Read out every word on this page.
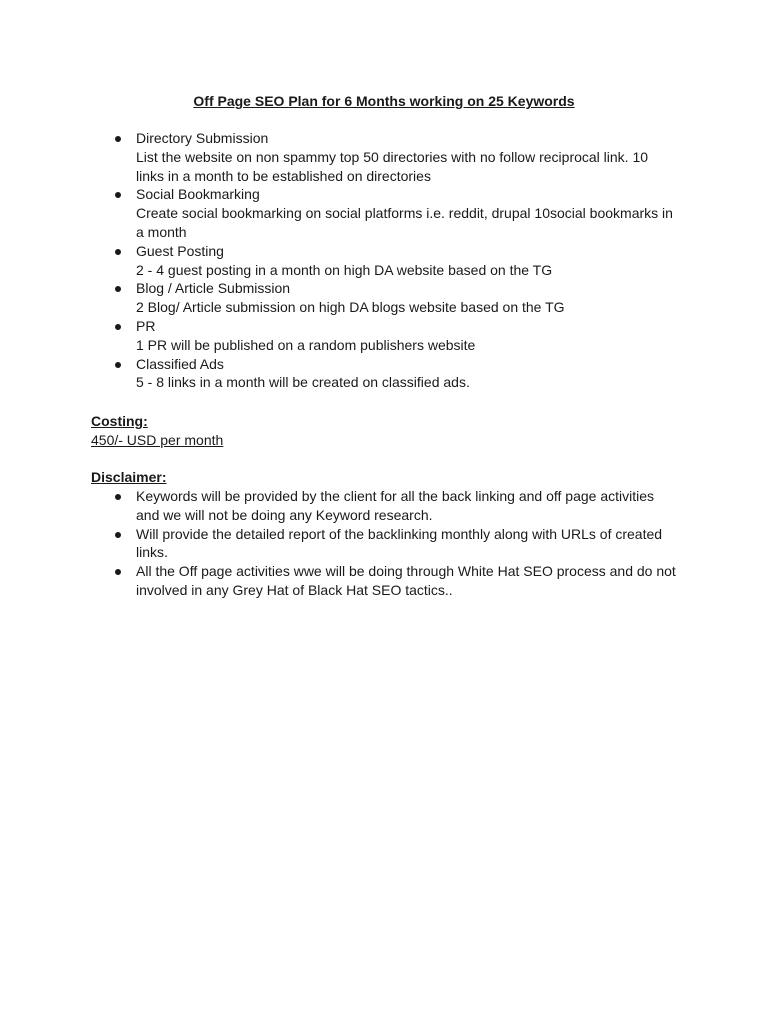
Off Page SEO Plan for 6 Months working on 25 Keywords
Directory Submission
List the website on non spammy top 50 directories with no follow reciprocal link. 10 links in a month to be established on directories
Social Bookmarking
Create social bookmarking on social platforms i.e. reddit, drupal 10social bookmarks in a month
Guest Posting
2 - 4 guest posting in a month on high DA website based on the TG
Blog / Article Submission
2 Blog/ Article submission on high DA blogs website based on the TG
PR
1 PR will be published on a random publishers website
Classified Ads
5 - 8 links in a month will be created on classified ads.
Costing:

450/- USD per month

Disclaimer:
Keywords will be provided by the client for all the back linking and off page activities and we will not be doing any Keyword research.
Will provide the detailed report of the backlinking monthly along with URLs of created links.
All the Off page activities wwe will be doing through White Hat SEO process and do not involved in any Grey Hat of Black Hat SEO tactics..
